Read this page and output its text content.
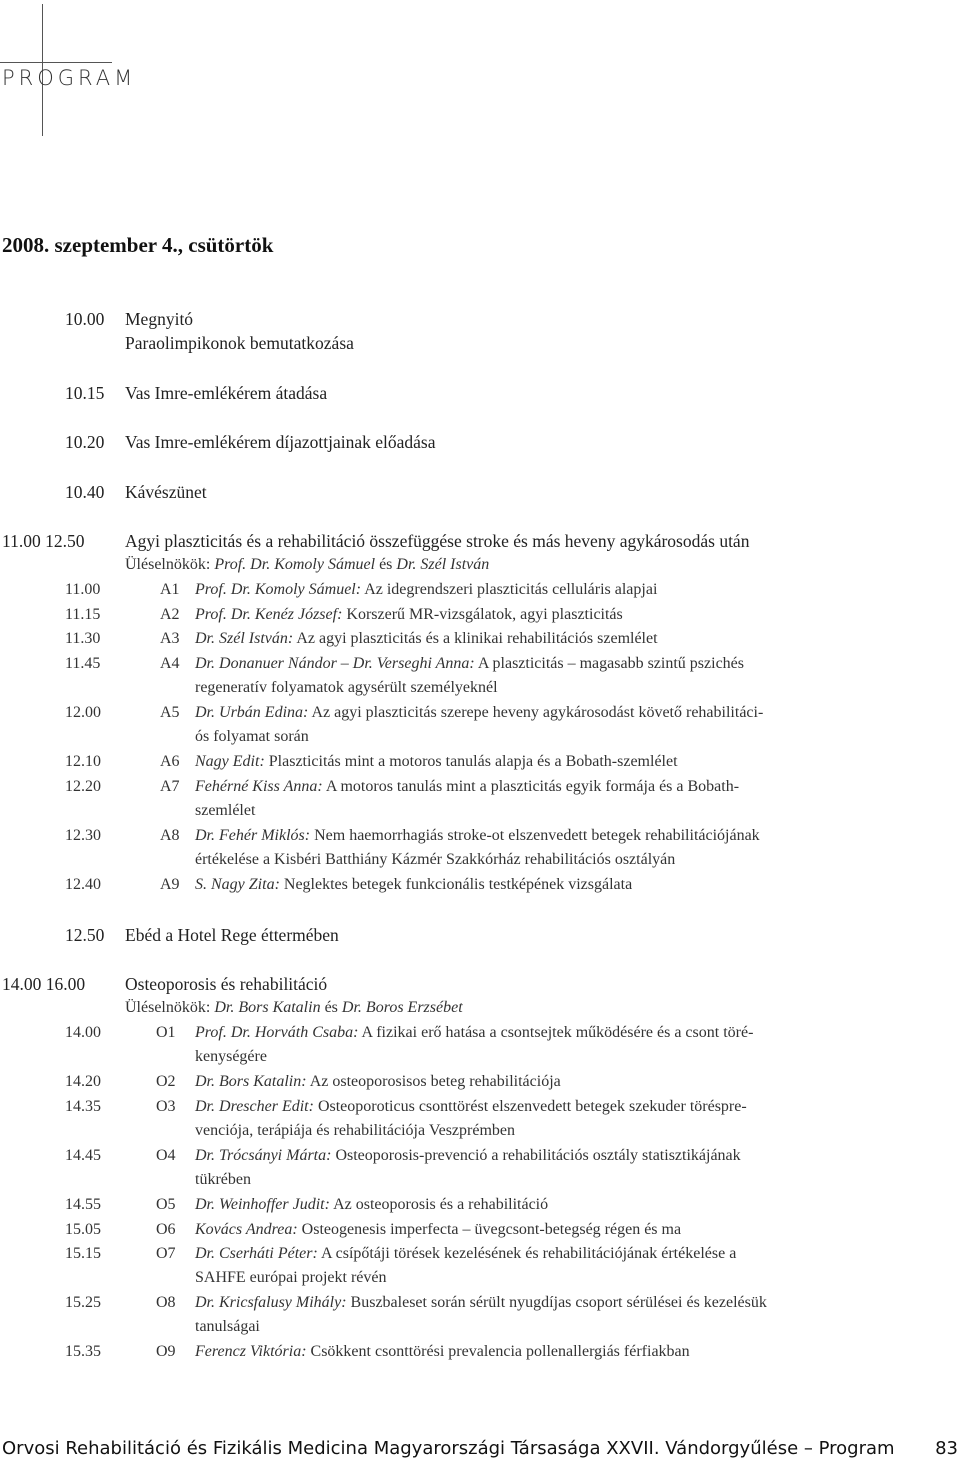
PROGRAM
2008. szeptember 4., csütörtök
10.00 Megnyitó
Paraolimpikonok bemutatkozása
10.15 Vas Imre-emlékérem átadása
10.20 Vas Imre-emlékérem díjazottjainak előadása
10.40 Kávészünet
11.00 12.50 Agyi plaszticitás és a rehabilitáció összefüggése stroke és más heveny agykárosodás után
Üléselnökök: Prof. Dr. Komoly Sámuel és Dr. Szél István
11.00	A1 Prof. Dr. Komoly Sámuel: Az idegrendszeri plaszticitás celluláris alapjai
11.15	A2 Prof. Dr. Kenéz József: Korszerű MR-vizsgálatok, agyi plaszticitás
11.30	A3 Dr. Szél István: Az agyi plaszticitás és a klinikai rehabilitációs szemlélet
11.45	A4 Dr. Donanuer Nándor – Dr. Verseghi Anna: A plaszticitás – magasabb szintű pszichés
regeneratív folyamatok agysérült személyeknél
12.00	A5 Dr. Urbán Edina: Az agyi plaszticitás szerepe heveny agykárosodást követő rehabilitáci-
ós folyamat során
12.10	A6 Nagy Edit: Plaszticitás mint a motoros tanulás alapja és a Bobath-szemlélet
12.20	A7 Fehérné Kiss Anna: A motoros tanulás mint a plaszticitás egyik formája és a Bobath-
szemlélet
12.30	A8 Dr. Fehér Miklós: Nem haemorrhagiás stroke-ot elszenvedett betegek rehabilitációjának
értékelése a Kisbéri Batthiány Kázmér Szakkórház rehabilitációs osztályán
12.40	A9 S. Nagy Zita: Neglektes betegek funkcionális testképének vizsgálata
12.50 Ebéd a Hotel Rege éttermében
14.00 16.00 Osteoporosis és rehabilitáció
Üléselnökök: Dr. Bors Katalin és Dr. Boros Erzsébet
14.00	O1 Prof. Dr. Horváth Csaba: A fizikai erő hatása a csontsejtek működésére és a csont töré-
kenységére
14.20	O2 Dr. Bors Katalin: Az osteoporosisos beteg rehabilitációja
14.35	O3 Dr. Drescher Edit: Osteoporoticus csonttörést elszenvedett betegek szekuder töréspre-
venciója, terápiája és rehabilitációja Veszprémben
14.45	O4 Dr. Trócsányi Márta: Osteoporosis-prevenció a rehabilitációs osztály statisztikájának
tükrében
14.55	O5 Dr. Weinhoffer Judit: Az osteoporosis és a rehabilitáció
15.05	O6 Kovács Andrea: Osteogenesis imperfecta – üvegcsont-betegség régen és ma
15.15	O7 Dr. Cserháti Péter: A csípőtáji törések kezelésének és rehabilitációjának értékelése a
SAHFE európai projekt révén
15.25	O8 Dr. Kricsfalusy Mihály: Buszbaleset során sérült nyugdíjas csoport sérülései és kezelésük
tanulságai
15.35	O9 Ferencz Viktória: Csökkent csonttörési prevalencia pollenallergiás férfiakban
Orvosi Rehabilitáció és Fizikális Medicina Magyarországi Társasága XXVII. Vándorgyűlése – Program 83
